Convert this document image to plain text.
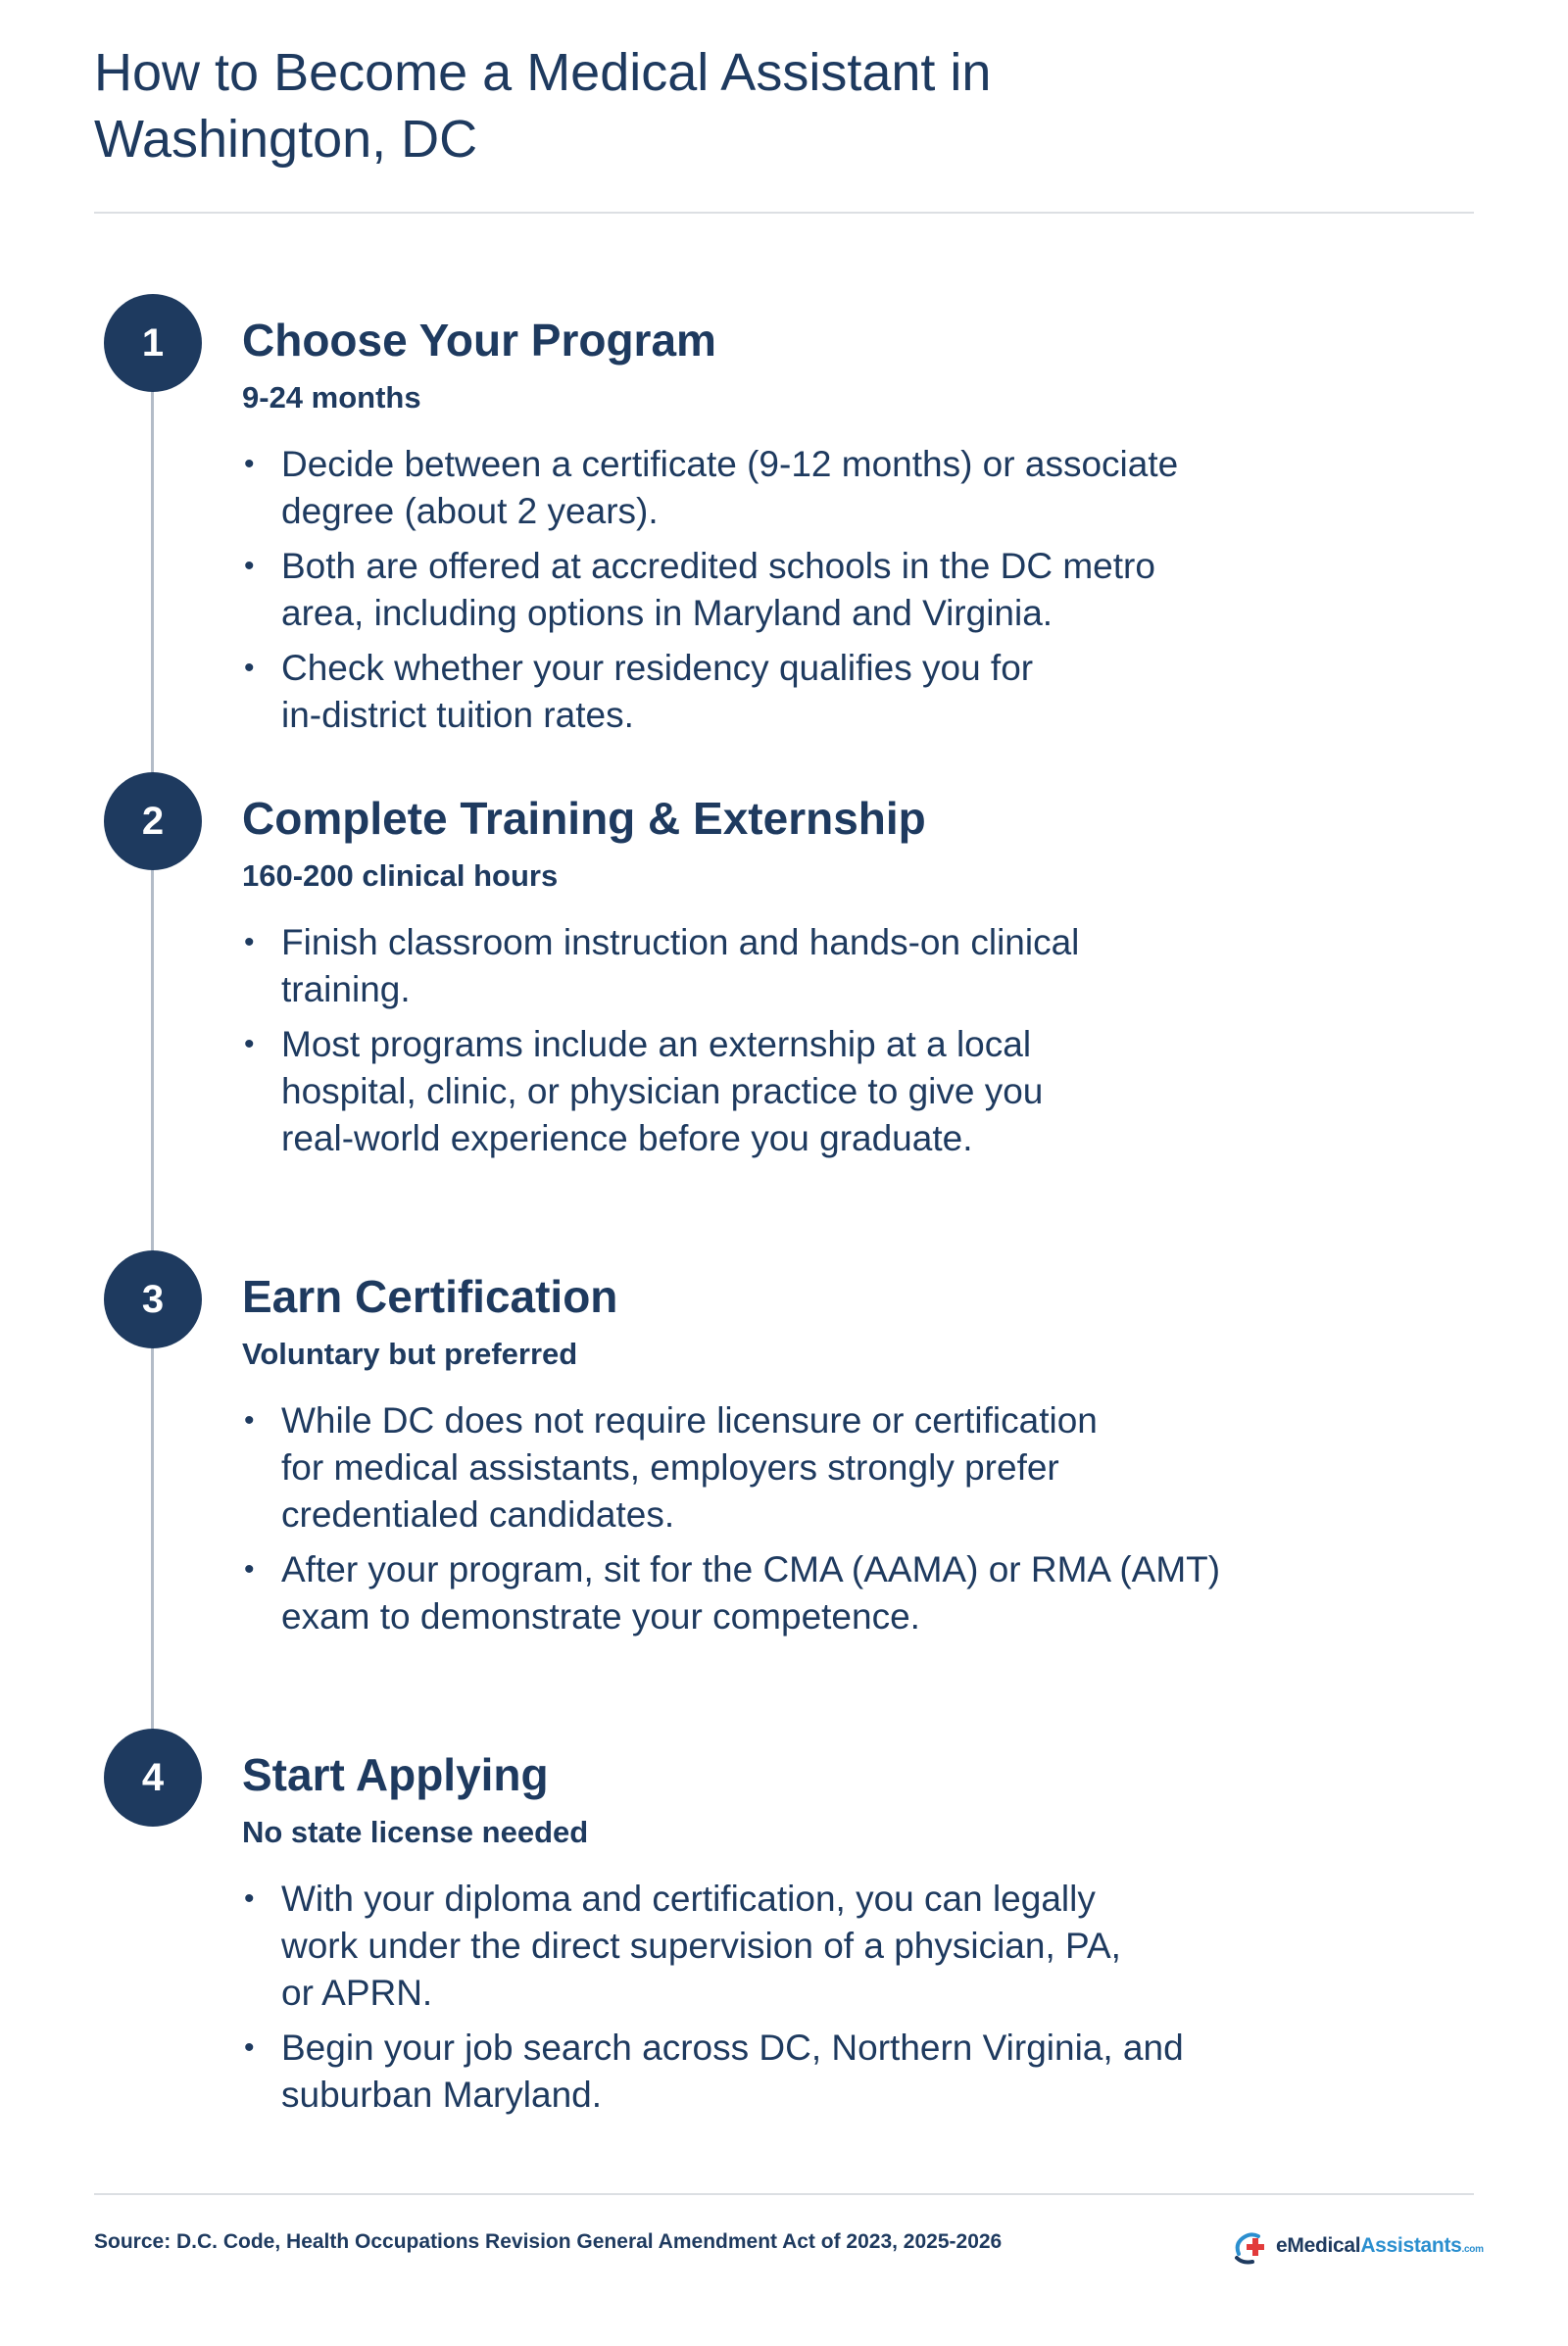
How to Become a Medical Assistant in
Washington, DC
1	Choose Your Program
9-24 months
• Decide between a certificate (9-12 months) or associate
degree (about 2 years).
• Both are offered at accredited schools in the DC metro
area, including options in Maryland and Virginia.
• Check whether your residency qualifies you for
in-district tuition rates.
2	Complete Training & Externship
160-200 clinical hours
• Finish classroom instruction and hands-on clinical
training.
• Most programs include an externship at a local
hospital, clinic, or physician practice to give you
real-world experience before you graduate.
3	Earn Certification
Voluntary but preferred
• While DC does not require licensure or certification
for medical assistants, employers strongly prefer
credentialed candidates.
• After your program, sit for the CMA (AAMA) or RMA (AMT)
exam to demonstrate your competence.
4	Start Applying
No state license needed
• With your diploma and certification, you can legally
work under the direct supervision of a physician, PA,
or APRN.
• Begin your job search across DC, Northern Virginia, and
suburban Maryland.
Source: D.C. Code, Health Occupations Revision General Amendment Act of 2023, 2025-2026	eMedicalAssistants.com
